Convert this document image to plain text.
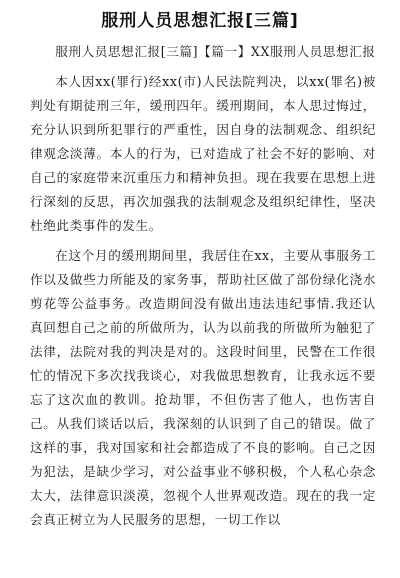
服刑人员思想汇报[三篇]

服刑人员思想汇报[三篇]【篇一】XX服刑人员思想汇报

本人因xx(罪行)经xx(市)人民法院判决，以xx(罪名)被判处有期徒刑三年，缓刑四年。缓刑期间，本人思过悔过，充分认识到所犯罪行的严重性，因自身的法制观念、组织纪律观念淡薄。本人的行为，已对造成了社会不好的影响、对自己的家庭带来沉重压力和精神负担。现在我要在思想上进行深刻的反思，再次加强我的法制观念及组织纪律性，坚决杜绝此类事件的发生。

在这个月的缓刑期间里，我居住在xx，主要从事服务工作以及做些力所能及的家务事，帮助社区做了部份绿化浇水剪花等公益事务。改造期间没有做出违法违纪事情.我还认真回想自己之前的所做所为，认为以前我的所做所为触犯了法律，法院对我的判决是对的。这段时间里，民警在工作很忙的情况下多次找我谈心，对我做思想教育，让我永远不要忘了这次血的教训。抢劫罪，不但伤害了他人，也伤害自己。从我们谈话以后，我深刻的认识到了自己的错误。做了这样的事，我对国家和社会都造成了不良的影响。自己之因为犯法，是缺少学习，对公益事业不够积极，个人私心杂念太大，法律意识淡漠，忽视个人世界观改造。现在的我一定会真正树立为人民服务的思想，一切工作以
